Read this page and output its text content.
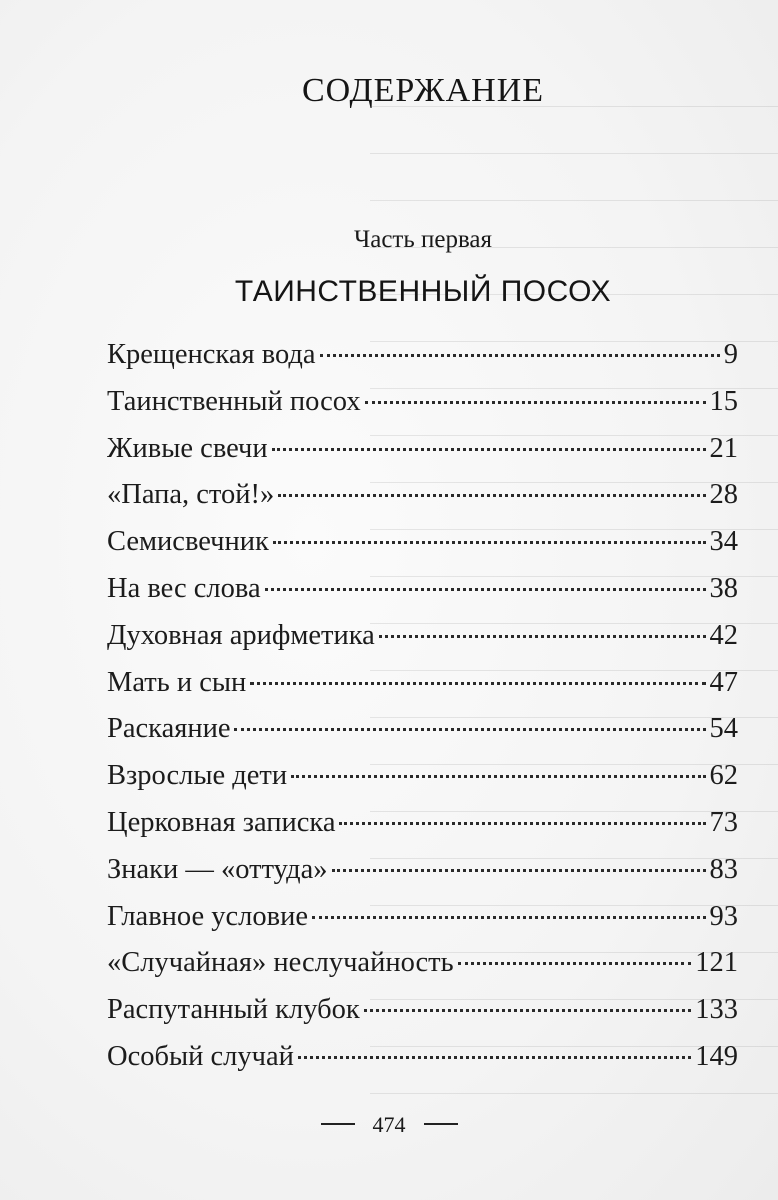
СОДЕРЖАНИЕ
Часть первая
ТАИНСТВЕННЫЙ ПОСОХ
Крещенская вода	9
Таинственный посох	15
Живые свечи	21
«Папа, стой!»	28
Семисвечник	34
На вес слова	38
Духовная арифметика	42
Мать и сын	47
Раскаяние	54
Взрослые дети	62
Церковная записка	73
Знаки — «оттуда»	83
Главное условие	93
«Случайная» неслучайность	121
Распутанный клубок	133
Особый случай	149
474
